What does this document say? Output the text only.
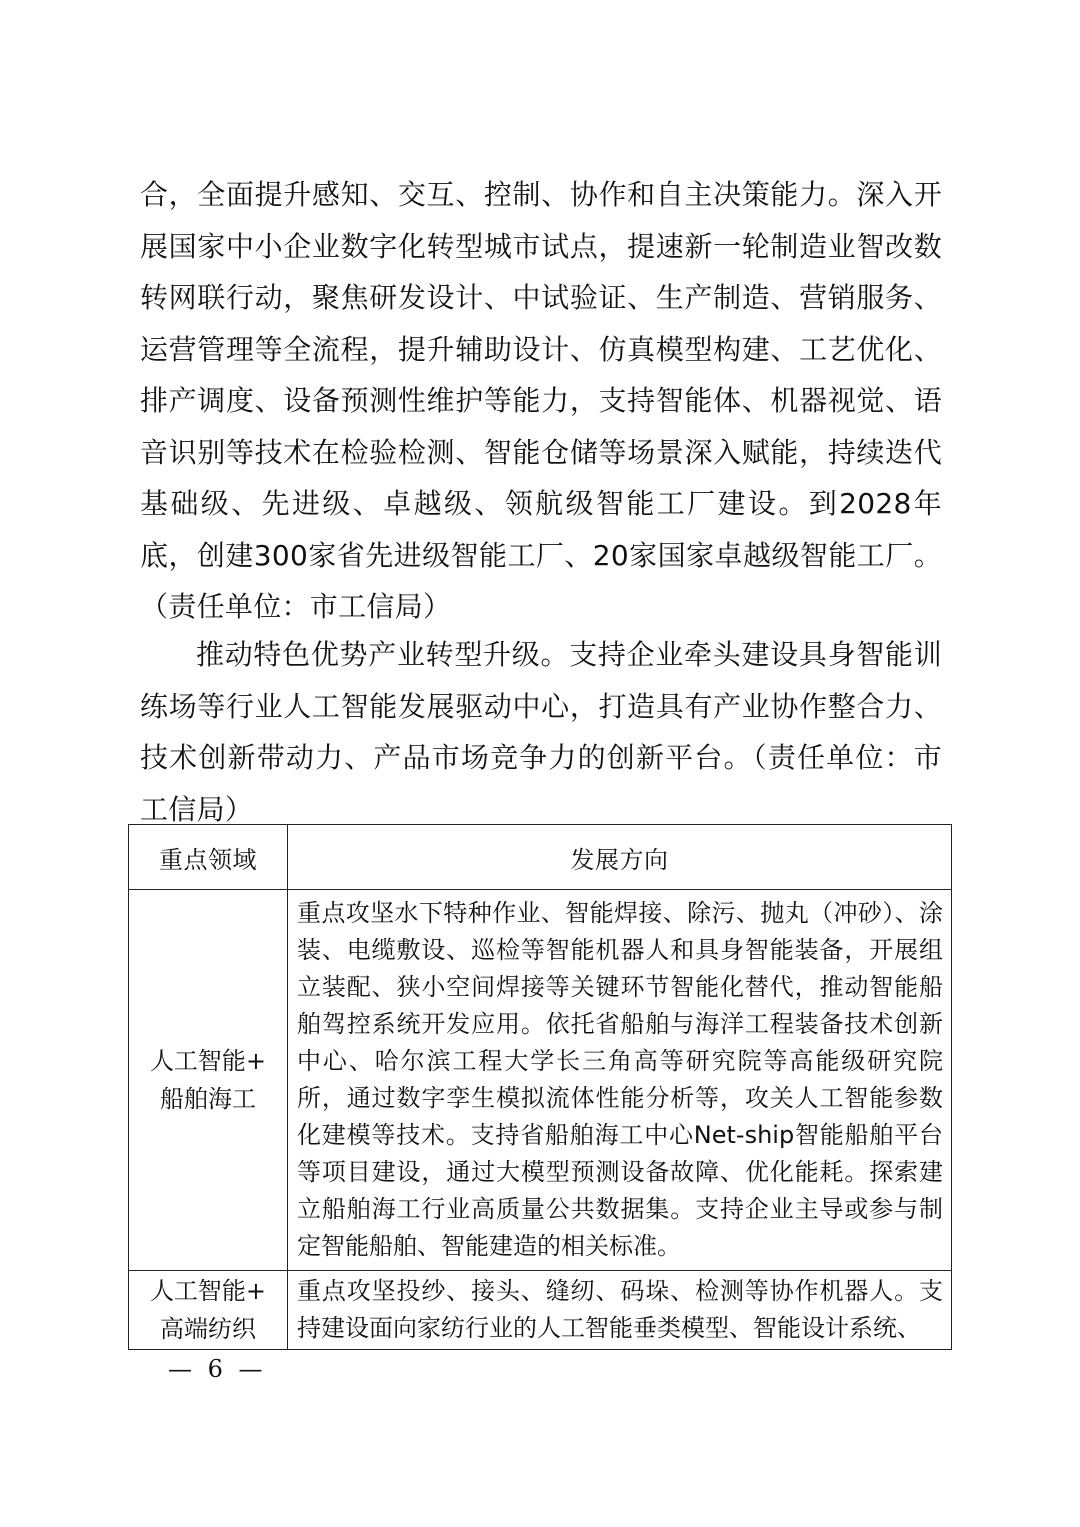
合，全面提升感知、交互、控制、协作和自主决策能力。深入开展国家中小企业数字化转型城市试点，提速新一轮制造业智改数转网联行动，聚焦研发设计、中试验证、生产制造、营销服务、运营管理等全流程，提升辅助设计、仿真模型构建、工艺优化、排产调度、设备预测性维护等能力，支持智能体、机器视觉、语音识别等技术在检验检测、智能仓储等场景深入赋能，持续迭代基础级、先进级、卓越级、领航级智能工厂建设。到2028年底，创建300家省先进级智能工厂、20家国家卓越级智能工厂。（责任单位：市工信局）

推动特色优势产业转型升级。支持企业牵头建设具身智能训练场等行业人工智能发展驱动中心，打造具有产业协作整合力、技术创新带动力、产品市场竞争力的创新平台。（责任单位：市工信局）

重点领域	发展方向

人工智能+
船舶海工	重点攻坚水下特种作业、智能焊接、除污、抛丸（冲砂）、涂装、电缆敷设、巡检等智能机器人和具身智能装备，开展组立装配、狭小空间焊接等关键环节智能化替代，推动智能船舶驾控系统开发应用。依托省船舶与海洋工程装备技术创新中心、哈尔滨工程大学长三角高等研究院等高能级研究院所，通过数字孪生模拟流体性能分析等，攻关人工智能参数化建模等技术。支持省船舶海工中心Net-ship智能船舶平台等项目建设，通过大模型预测设备故障、优化能耗。探索建立船舶海工行业高质量公共数据集。支持企业主导或参与制定智能船舶、智能建造的相关标准。

人工智能+
高端纺织	重点攻坚投纱、接头、缝纫、码垛、检测等协作机器人。支持建设面向家纺行业的人工智能垂类模型、智能设计系统、
— 6 —
